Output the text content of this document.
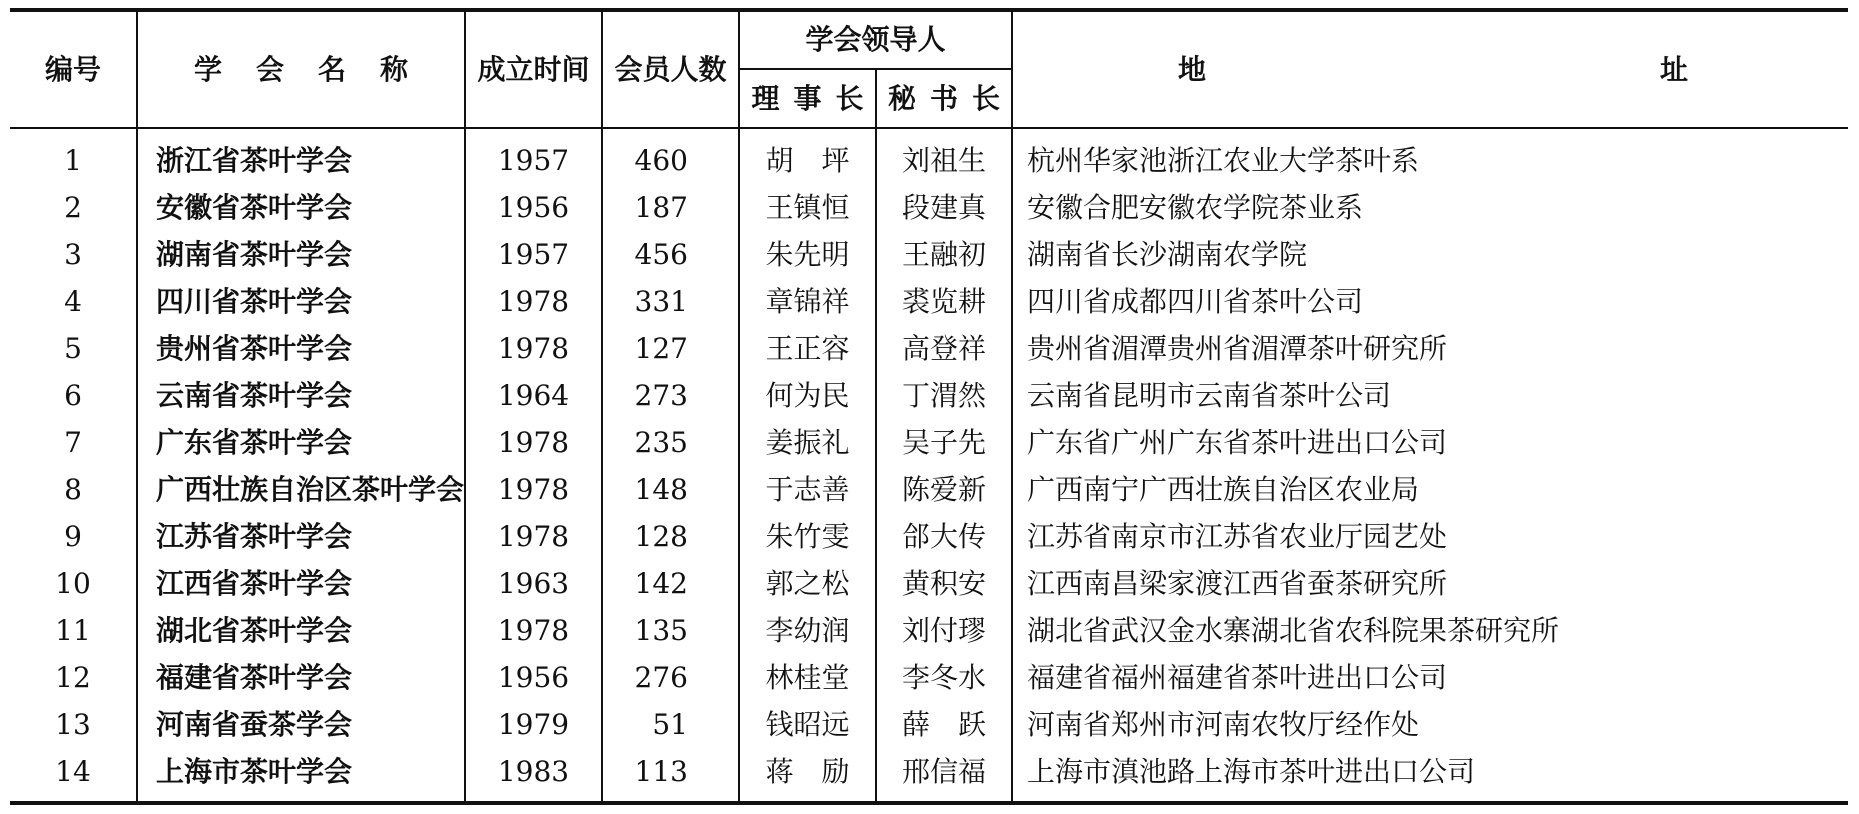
编号	学会名称	成立时间	会员人数	学会领导人		地 址

				理事长	秘书长	
1	浙江省茶叶学会	1957	460	胡　坪	刘祖生	杭州华家池浙江农业大学茶叶系
2	安徽省茶叶学会	1956	187	王镇恒	段建真	安徽合肥安徽农学院茶业系
3	湖南省茶叶学会	1957	456	朱先明	王融初	湖南省长沙湖南农学院
4	四川省茶叶学会	1978	331	章锦祥	裘览耕	四川省成都四川省茶叶公司
5	贵州省茶叶学会	1978	127	王正容	高登祥	贵州省湄潭贵州省湄潭茶叶研究所
6	云南省茶叶学会	1964	273	何为民	丁渭然	云南省昆明市云南省茶叶公司
7	广东省茶叶学会	1978	235	姜振礼	吴子先	广东省广州广东省茶叶进出口公司
8	广西壮族自治区茶叶学会	1978	148	于志善	陈爱新	广西南宁广西壮族自治区农业局
9	江苏省茶叶学会	1978	128	朱竹雯	郃大传	江苏省南京市江苏省农业厅园艺处
10	江西省茶叶学会	1963	142	郭之松	黄积安	江西南昌梁家渡江西省蚕茶研究所
11	湖北省茶叶学会	1978	135	李幼润	刘付璆	湖北省武汉金水寨湖北省农科院果茶研究所
12	福建省茶叶学会	1956	276	林桂堂	李冬水	福建省福州福建省茶叶进出口公司
13	河南省蚕茶学会	1979	51	钱昭远	薛　跃	河南省郑州市河南农牧厅经作处
14	上海市茶叶学会	1983	113	蒋　励	邢信福	上海市滇池路上海市茶叶进出口公司
